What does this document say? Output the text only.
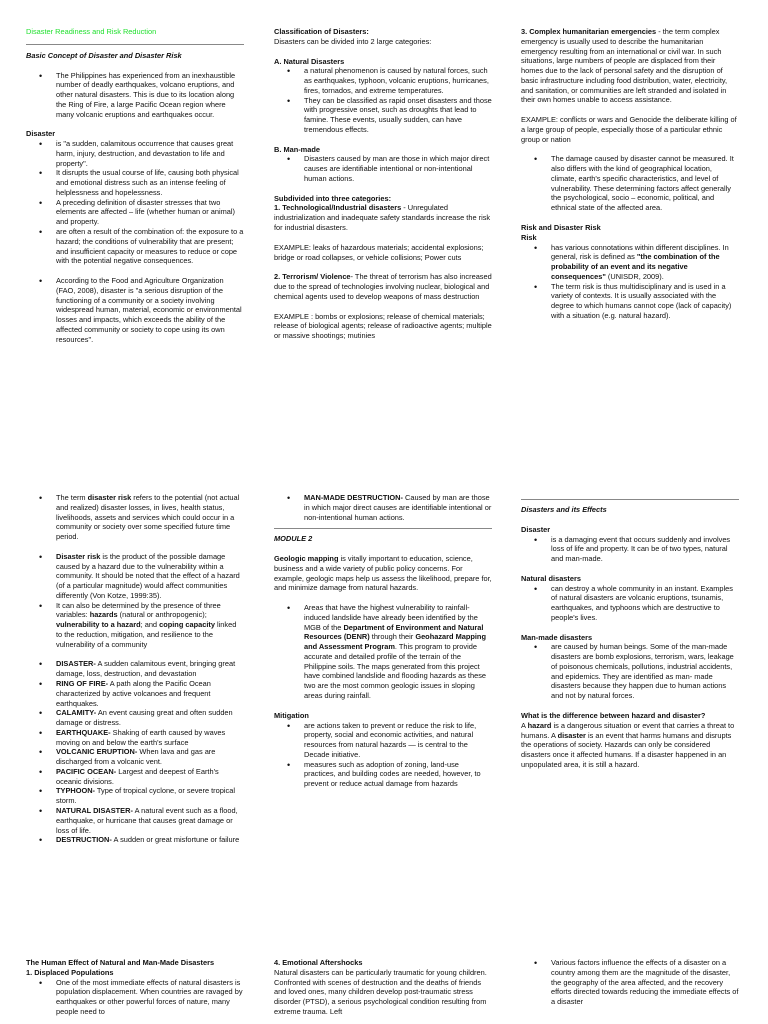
Disaster Readiness and Risk Reduction

Basic Concept of Disaster and Disaster Risk

• The Philippines has experienced from an inexhaustible number of deadly earthquakes, volcano eruptions, and other natural disasters. This is due to its location along the Ring of Fire, a large Pacific Ocean region where many volcanic eruptions and earthquakes occur.

Disaster

• is "a sudden, calamitous occurrence that causes great harm, injury, destruction, and devastation to life and property".
• It disrupts the usual course of life, causing both physical and emotional distress such as an intense feeling of helplessness and hopelessness.
• A preceding definition of disaster stresses that two elements are affected – life (whether human or animal) and property.
• are often a result of the combination of: the exposure to a hazard; the conditions of vulnerability that are present; and insufficient capacity or measures to reduce or cope with the potential negative consequences.
• According to the Food and Agriculture Organization (FAO, 2008), disaster is "a serious disruption of the functioning of a community or a society involving widespread human, material, economic or environmental losses and impacts, which exceeds the ability of the affected community or society to cope using its own resources".

Classification of Disasters:

Disasters can be divided into 2 large categories:

A. Natural Disasters

• a natural phenomenon is caused by natural forces, such as earthquakes, typhoon, volcanic eruptions, hurricanes, fires, tornados, and extreme temperatures.
• They can be classified as rapid onset disasters and those with progressive onset, such as droughts that lead to famine. These events, usually sudden, can have tremendous effects.

B. Man-made

• Disasters caused by man are those in which major direct causes are identifiable intentional or non-intentional human actions.

Subdivided into three categories:

1. Technological/Industrial disasters - Unregulated industrialization and inadequate safety standards increase the risk for industrial disasters.

EXAMPLE: leaks of hazardous materials; accidental explosions; bridge or road collapses, or vehicle collisions; Power cuts

2. Terrorism/ Violence- The threat of terrorism has also increased due to the spread of technologies involving nuclear, biological and chemical agents used to develop weapons of mass destruction

EXAMPLE : bombs or explosions; release of chemical materials; release of biological agents; release of radioactive agents; multiple or massive shootings; mutinies

3. Complex humanitarian emergencies - the term complex emergency is usually used to describe the humanitarian emergency resulting from an international or civil war. In such situations, large numbers of people are displaced from their homes due to the lack of personal safety and the disruption of basic infrastructure including food distribution, water, electricity, and sanitation, or communities are left stranded and isolated in their own homes unable to access assistance.

EXAMPLE: conflicts or wars and Genocide the deliberate killing of a large group of people, especially those of a particular ethnic group or nation

• The damage caused by disaster cannot be measured. It also differs with the kind of geographical location, climate, earth's specific characteristics, and level of vulnerability. These determining factors affect generally the psychological, socio – economic, political, and ethnical state of the affected area.

Risk and Disaster Risk

Risk

• has various connotations within different disciplines. In general, risk is defined as "the combination of the probability of an event and its negative consequences" (UNISDR, 2009).
• The term risk is thus multidisciplinary and is used in a variety of contexts. It is usually associated with the degree to which humans cannot cope (lack of capacity) with a situation (e.g. natural hazard).
• The term disaster risk refers to the potential (not actual and realized) disaster losses, in lives, health status, livelihoods, assets and services which could occur in a community or society over some specified future time period.
• Disaster risk is the product of the possible damage caused by a hazard due to the vulnerability within a community. It should be noted that the effect of a hazard (of a particular magnitude) would affect communities differently (Von Kotze, 1999:35).
• It can also be determined by the presence of three variables: hazards (natural or anthropogenic); vulnerability to a hazard; and coping capacity linked to the reduction, mitigation, and resilience to the vulnerability of a community
• DISASTER- A sudden calamitous event, bringing great damage, loss, destruction, and devastation
• RING OF FIRE- A path along the Pacific Ocean characterized by active volcanoes and frequent earthquakes.
• CALAMITY- An event causing great and often sudden damage or distress.
• EARTHQUAKE- Shaking of earth caused by waves moving on and below the earth's surface
• VOLCANIC ERUPTION- When lava and gas are discharged from a volcanic vent.
• PACIFIC OCEAN- Largest and deepest of Earth's oceanic divisions.
• TYPHOON- Type of tropical cyclone, or severe tropical storm.
• NATURAL DISASTER- A natural event such as a flood, earthquake, or hurricane that causes great damage or loss of life.
• DESTRUCTION- A sudden or great misfortune or failure
• MAN-MADE DESTRUCTION- Caused by man are those in which major direct causes are identifiable intentional or non-intentional human actions.

MODULE 2

Geologic mapping is vitally important to education, science, business and a wide variety of public policy concerns. For example, geologic maps help us assess the likelihood, prepare for, and minimize damage from natural hazards.

• Areas that have the highest vulnerability to rainfall-induced landslide have already been identified by the MGB of the Department of Environment and Natural Resources (DENR) through their Geohazard Mapping and Assessment Program. This program to provide accurate and detailed profile of the terrain of the Philippine soils. The maps generated from this project have combined landslide and flooding hazards as these two are the most common geologic issues in sloping areas during rainfall.

Mitigation

• are actions taken to prevent or reduce the risk to life, property, social and economic activities, and natural resources from natural hazards — is central to the Decade initiative.
• measures such as adoption of zoning, land-use practices, and building codes are needed, however, to prevent or reduce actual damage from hazards

Disasters and its Effects

Disaster

• is a damaging event that occurs suddenly and involves loss of life and property. It can be of two types, natural and man-made.

Natural disasters

• can destroy a whole community in an instant. Examples of natural disasters are volcanic eruptions, tsunamis, earthquakes, and typhoons which are destructive to people's lives.

Man-made disasters

• are caused by human beings. Some of the man-made disasters are bomb explosions, terrorism, wars, leakage of poisonous chemicals, pollutions, industrial accidents, and epidemics. They are identified as man- made disasters because they happen due to human actions and not by natural forces.

What is the difference between hazard and disaster?

A hazard is a dangerous situation or event that carries a threat to humans. A disaster is an event that harms humans and disrupts the operations of society. Hazards can only be considered disasters once it affected humans. If a disaster happened in an unpopulated area, it is still a hazard.

The Human Effect of Natural and Man-Made Disasters

1. Displaced Populations

• One of the most immediate effects of natural disasters is population displacement. When countries are ravaged by earthquakes or other powerful forces of nature, many people need to

4. Emotional Aftershocks

Natural disasters can be particularly traumatic for young children. Confronted with scenes of destruction and the deaths of friends and loved ones, many children develop post-traumatic stress disorder (PTSD), a serious psychological condition resulting from extreme trauma. Left

• Various factors influence the effects of a disaster on a country among them are the magnitude of the disaster, the geography of the area affected, and the recovery efforts directed towards reducing the immediate effects of a disaster
